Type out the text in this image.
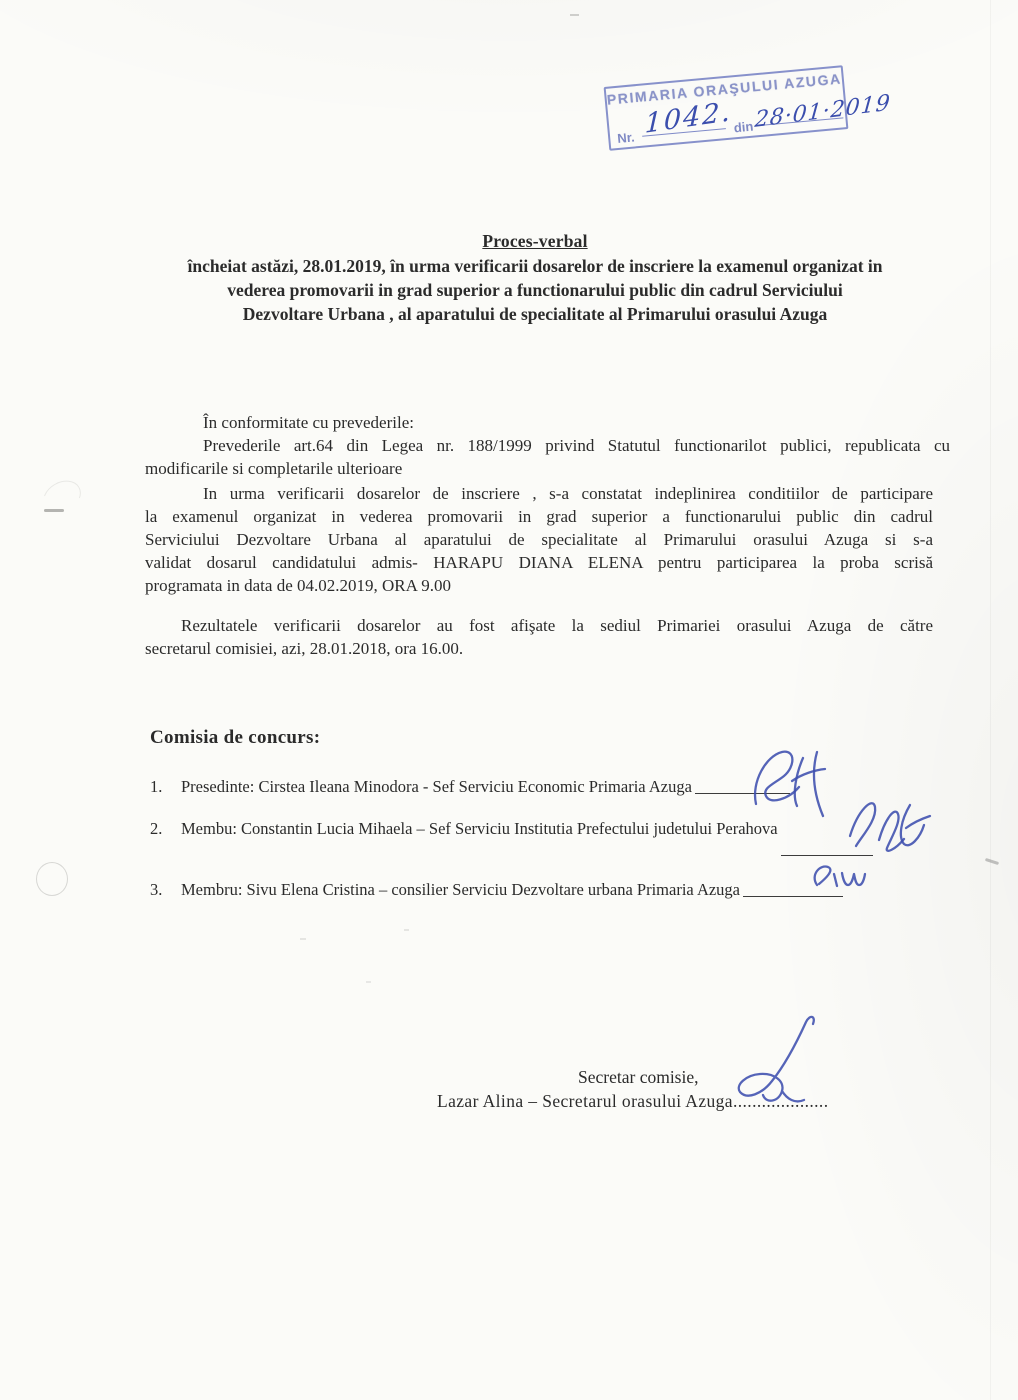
PRIMARIA ORAŞULUI AZUGA
Nr. 1042. din 28·01·2019
Proces-verbal
încheiat astăzi, 28.01.2019, în urma verificarii dosarelor de inscriere la examenul organizat in
vederea promovarii in grad superior a functionarului public din cadrul Serviciului
Dezvoltare Urbana , al aparatului de specialitate al Primarului orasului Azuga
În conformitate cu prevederile:
Prevederile art.64 din Legea nr. 188/1999 privind Statutul functionarilot publici, republicata cu
modificarile si completarile ulterioare
In urma verificarii dosarelor de inscriere , s-a constatat indeplinirea conditiilor de participare
la examenul organizat in vederea promovarii in grad superior a functionarului public din cadrul
Serviciului Dezvoltare Urbana al aparatului de specialitate al Primarului orasului Azuga si s-a
validat dosarul candidatului admis- HARAPU DIANA ELENA pentru participarea la proba scrisă
programata in data de 04.02.2019, ORA 9.00
Rezultatele verificarii dosarelor au fost afişate la sediul Primariei orasului Azuga de către
secretarul comisiei, azi, 28.01.2018, ora 16.00.
Comisia de concurs:
1.	Presedinte: Cirstea Ileana Minodora - Sef Serviciu Economic Primaria Azuga
2.	Membu: Constantin Lucia Mihaela – Sef Serviciu Institutia Prefectului judetului Perahova
3.	Membru: Sivu Elena Cristina – consilier Serviciu Dezvoltare urbana Primaria Azuga
Secretar comisie,
Lazar Alina – Secretarul orasului Azuga....................
